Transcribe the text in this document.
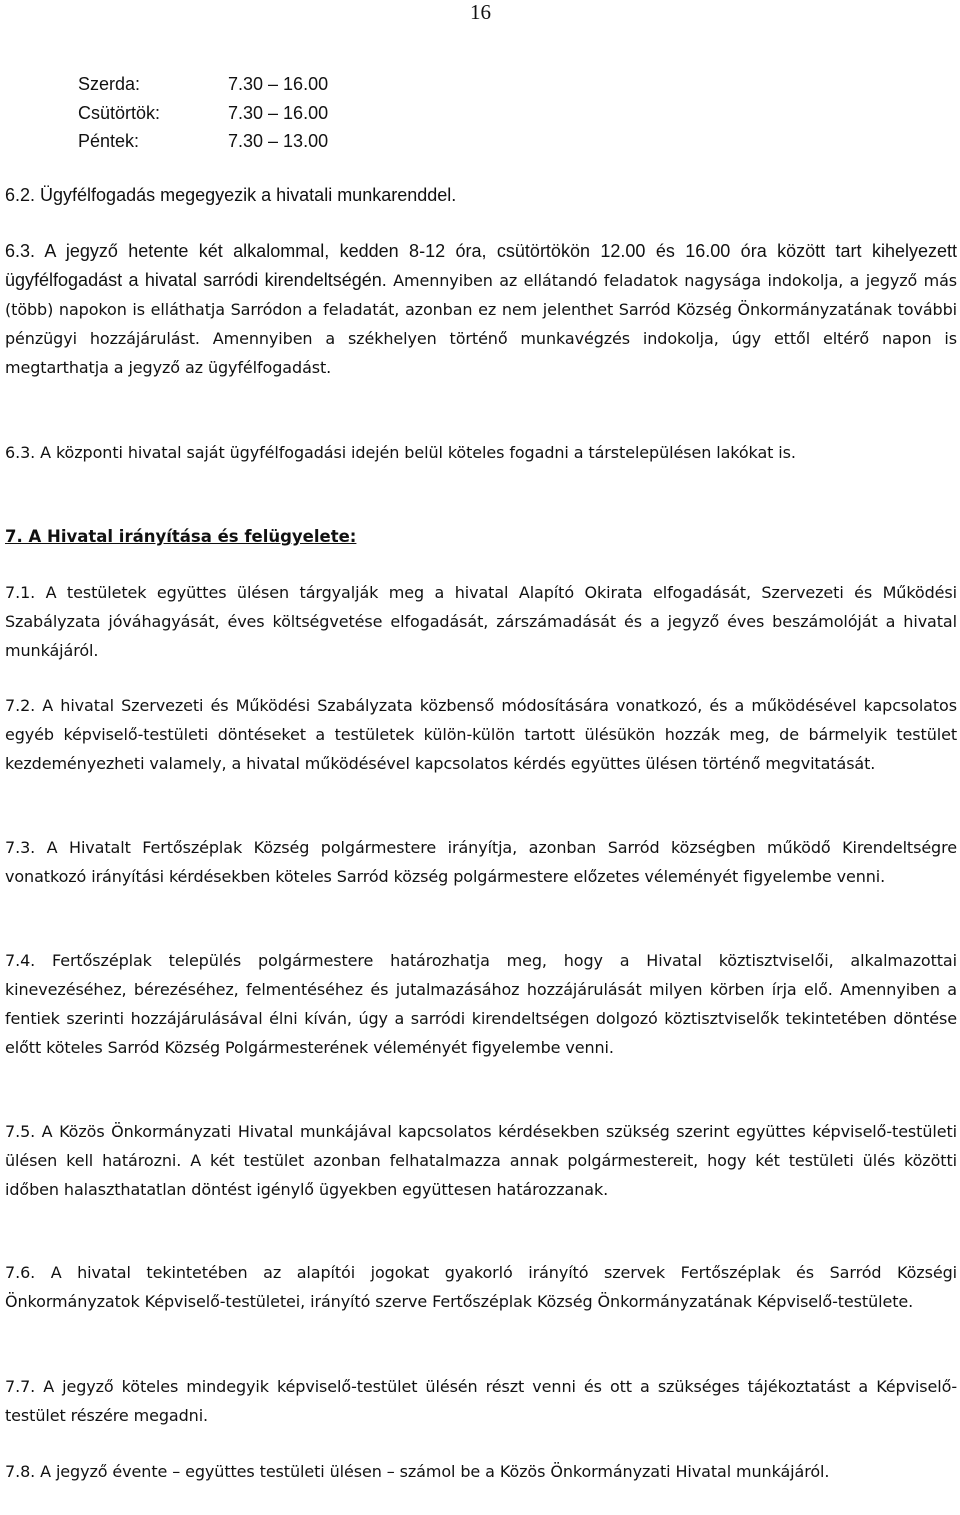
16
Szerda:	7.30 – 16.00
Csütörtök:	7.30 – 16.00
Péntek:	7.30 – 13.00
6.2. Ügyfélfogadás megegyezik a hivatali munkarenddel.
6.3. A jegyző hetente két alkalommal, kedden 8-12 óra, csütörtökön 12.00 és 16.00 óra között tart kihelyezett ügyfélfogadást a hivatal sarródi kirendeltségén. Amennyiben az ellátandó feladatok nagysága indokolja, a jegyző más (több) napokon is elláthatja Sarródon a feladatát, azonban ez nem jelenthet Sarród Község Önkormányzatának további pénzügyi hozzájárulást. Amennyiben a székhelyen történő munkavégzés indokolja, úgy ettől eltérő napon is megtarthatja a jegyző az ügyfélfogadást.
6.3. A központi hivatal saját ügyfélfogadási idején belül köteles fogadni a társtelepülésen lakókat is.
7. A Hivatal irányítása és felügyelete:
7.1. A testületek együttes ülésen tárgyalják meg a hivatal Alapító Okirata elfogadását, Szervezeti és Működési Szabályzata jóváhagyását, éves költségvetése elfogadását, zárszámadását és a jegyző éves beszámolóját a hivatal munkájáról.
7.2. A hivatal Szervezeti és Működési Szabályzata közbenső módosítására vonatkozó, és a működésével kapcsolatos egyéb képviselő-testületi döntéseket a testületek külön-külön tartott ülésükön hozzák meg, de bármelyik testület kezdeményezheti valamely, a hivatal működésével kapcsolatos kérdés együttes ülésen történő megvitatását.
7.3. A Hivatalt Fertőszéplak Község polgármestere irányítja, azonban Sarród községben működő Kirendeltségre vonatkozó irányítási kérdésekben köteles Sarród község polgármestere előzetes véleményét figyelembe venni.
7.4. Fertőszéplak település polgármestere határozhatja meg, hogy a Hivatal köztisztviselői, alkalmazottai kinevezéséhez, bérezéséhez, felmentéséhez és jutalmazásához hozzájárulását milyen körben írja elő. Amennyiben a fentiek szerinti hozzájárulásával élni kíván, úgy a sarródi kirendeltségen dolgozó köztisztviselők tekintetében döntése előtt köteles Sarród Község Polgármesterének véleményét figyelembe venni.
7.5. A Közös Önkormányzati Hivatal munkájával kapcsolatos kérdésekben szükség szerint együttes képviselő-testületi ülésen kell határozni. A két testület azonban felhatalmazza annak polgármestereit, hogy két testületi ülés közötti időben halaszthatatlan döntést igénylő ügyekben együttesen határozzanak.
7.6. A hivatal tekintetében az alapítói jogokat gyakorló irányító szervek Fertőszéplak és Sarród Községi Önkormányzatok Képviselő-testületei, irányító szerve Fertőszéplak Község Önkormányzatának Képviselő-testülete.
7.7. A jegyző köteles mindegyik képviselő-testület ülésén részt venni és ott a szükséges tájékoztatást a Képviselő-testület részére megadni.
7.8. A jegyző évente – együttes testületi ülésen – számol be a Közös Önkormányzati Hivatal munkájáról.
